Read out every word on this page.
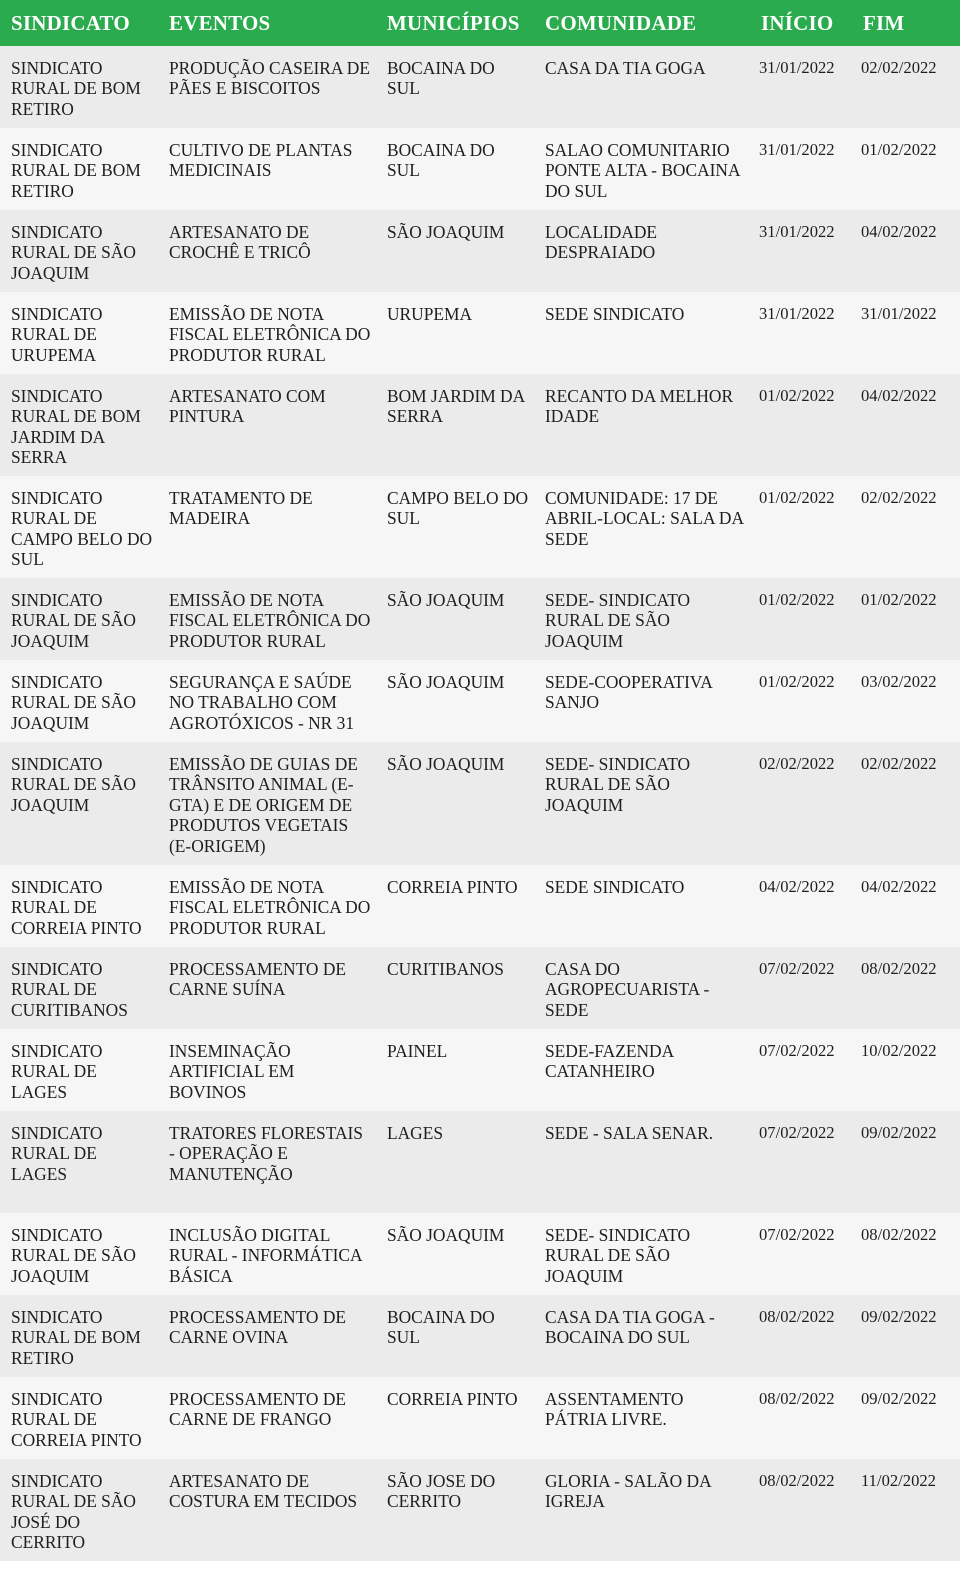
SINDICATO	EVENTOS	MUNICÍPIOS	COMUNIDADE	INÍCIO	FIM
SINDICATO RURAL DE BOM RETIRO	PRODUÇÃO CASEIRA DE PÃES E BISCOITOS	BOCAINA DO SUL	CASA DA TIA GOGA	31/01/2022	02/02/2022
SINDICATO RURAL DE BOM RETIRO	CULTIVO DE PLANTAS MEDICINAIS	BOCAINA DO SUL	SALAO COMUNITARIO PONTE ALTA - BOCAINA DO SUL	31/01/2022	01/02/2022
SINDICATO RURAL DE SÃO JOAQUIM	ARTESANATO DE CROCHÊ E TRICÔ	SÃO JOAQUIM	LOCALIDADE DESPRAIADO	31/01/2022	04/02/2022
SINDICATO RURAL DE URUPEMA	EMISSÃO DE NOTA FISCAL ELETRÔNICA DO PRODUTOR RURAL	URUPEMA	SEDE SINDICATO	31/01/2022	31/01/2022
SINDICATO RURAL DE BOM JARDIM DA SERRA	ARTESANATO COM PINTURA	BOM JARDIM DA SERRA	RECANTO DA MELHOR IDADE	01/02/2022	04/02/2022
SINDICATO RURAL DE CAMPO BELO DO SUL	TRATAMENTO DE MADEIRA	CAMPO BELO DO SUL	COMUNIDADE: 17 DE ABRIL-LOCAL: SALA DA SEDE	01/02/2022	02/02/2022
SINDICATO RURAL DE SÃO JOAQUIM	EMISSÃO DE NOTA FISCAL ELETRÔNICA DO PRODUTOR RURAL	SÃO JOAQUIM	SEDE- SINDICATO RURAL DE SÃO JOAQUIM	01/02/2022	01/02/2022
SINDICATO RURAL DE SÃO JOAQUIM	SEGURANÇA E SAÚDE NO TRABALHO COM AGROTÓXICOS - NR 31	SÃO JOAQUIM	SEDE-COOPERATIVA SANJO	01/02/2022	03/02/2022
SINDICATO RURAL DE SÃO JOAQUIM	EMISSÃO DE GUIAS DE TRÂNSITO ANIMAL (E-GTA) E DE ORIGEM DE PRODUTOS VEGETAIS (E-ORIGEM)	SÃO JOAQUIM	SEDE- SINDICATO RURAL DE SÃO JOAQUIM	02/02/2022	02/02/2022
SINDICATO RURAL DE CORREIA PINTO	EMISSÃO DE NOTA FISCAL ELETRÔNICA DO PRODUTOR RURAL	CORREIA PINTO	SEDE SINDICATO	04/02/2022	04/02/2022
SINDICATO RURAL DE CURITIBANOS	PROCESSAMENTO DE CARNE SUÍNA	CURITIBANOS	CASA DO AGROPECUARISTA - SEDE	07/02/2022	08/02/2022
SINDICATO RURAL DE LAGES	INSEMINAÇÃO ARTIFICIAL EM BOVINOS	PAINEL	SEDE-FAZENDA CATANHEIRO	07/02/2022	10/02/2022
SINDICATO RURAL DE LAGES	TRATORES FLORESTAIS - OPERAÇÃO E MANUTENÇÃO	LAGES	SEDE - SALA SENAR.	07/02/2022	09/02/2022
SINDICATO RURAL DE SÃO JOAQUIM	INCLUSÃO DIGITAL RURAL - INFORMÁTICA BÁSICA	SÃO JOAQUIM	SEDE- SINDICATO RURAL DE SÃO JOAQUIM	07/02/2022	08/02/2022
SINDICATO RURAL DE BOM RETIRO	PROCESSAMENTO DE CARNE OVINA	BOCAINA DO SUL	CASA DA TIA GOGA - BOCAINA DO SUL	08/02/2022	09/02/2022
SINDICATO RURAL DE CORREIA PINTO	PROCESSAMENTO DE CARNE DE FRANGO	CORREIA PINTO	ASSENTAMENTO PÁTRIA LIVRE.	08/02/2022	09/02/2022
SINDICATO RURAL DE SÃO JOSÉ DO CERRITO	ARTESANATO DE COSTURA EM TECIDOS	SÃO JOSE DO CERRITO	GLORIA - SALÃO DA IGREJA	08/02/2022	11/02/2022
